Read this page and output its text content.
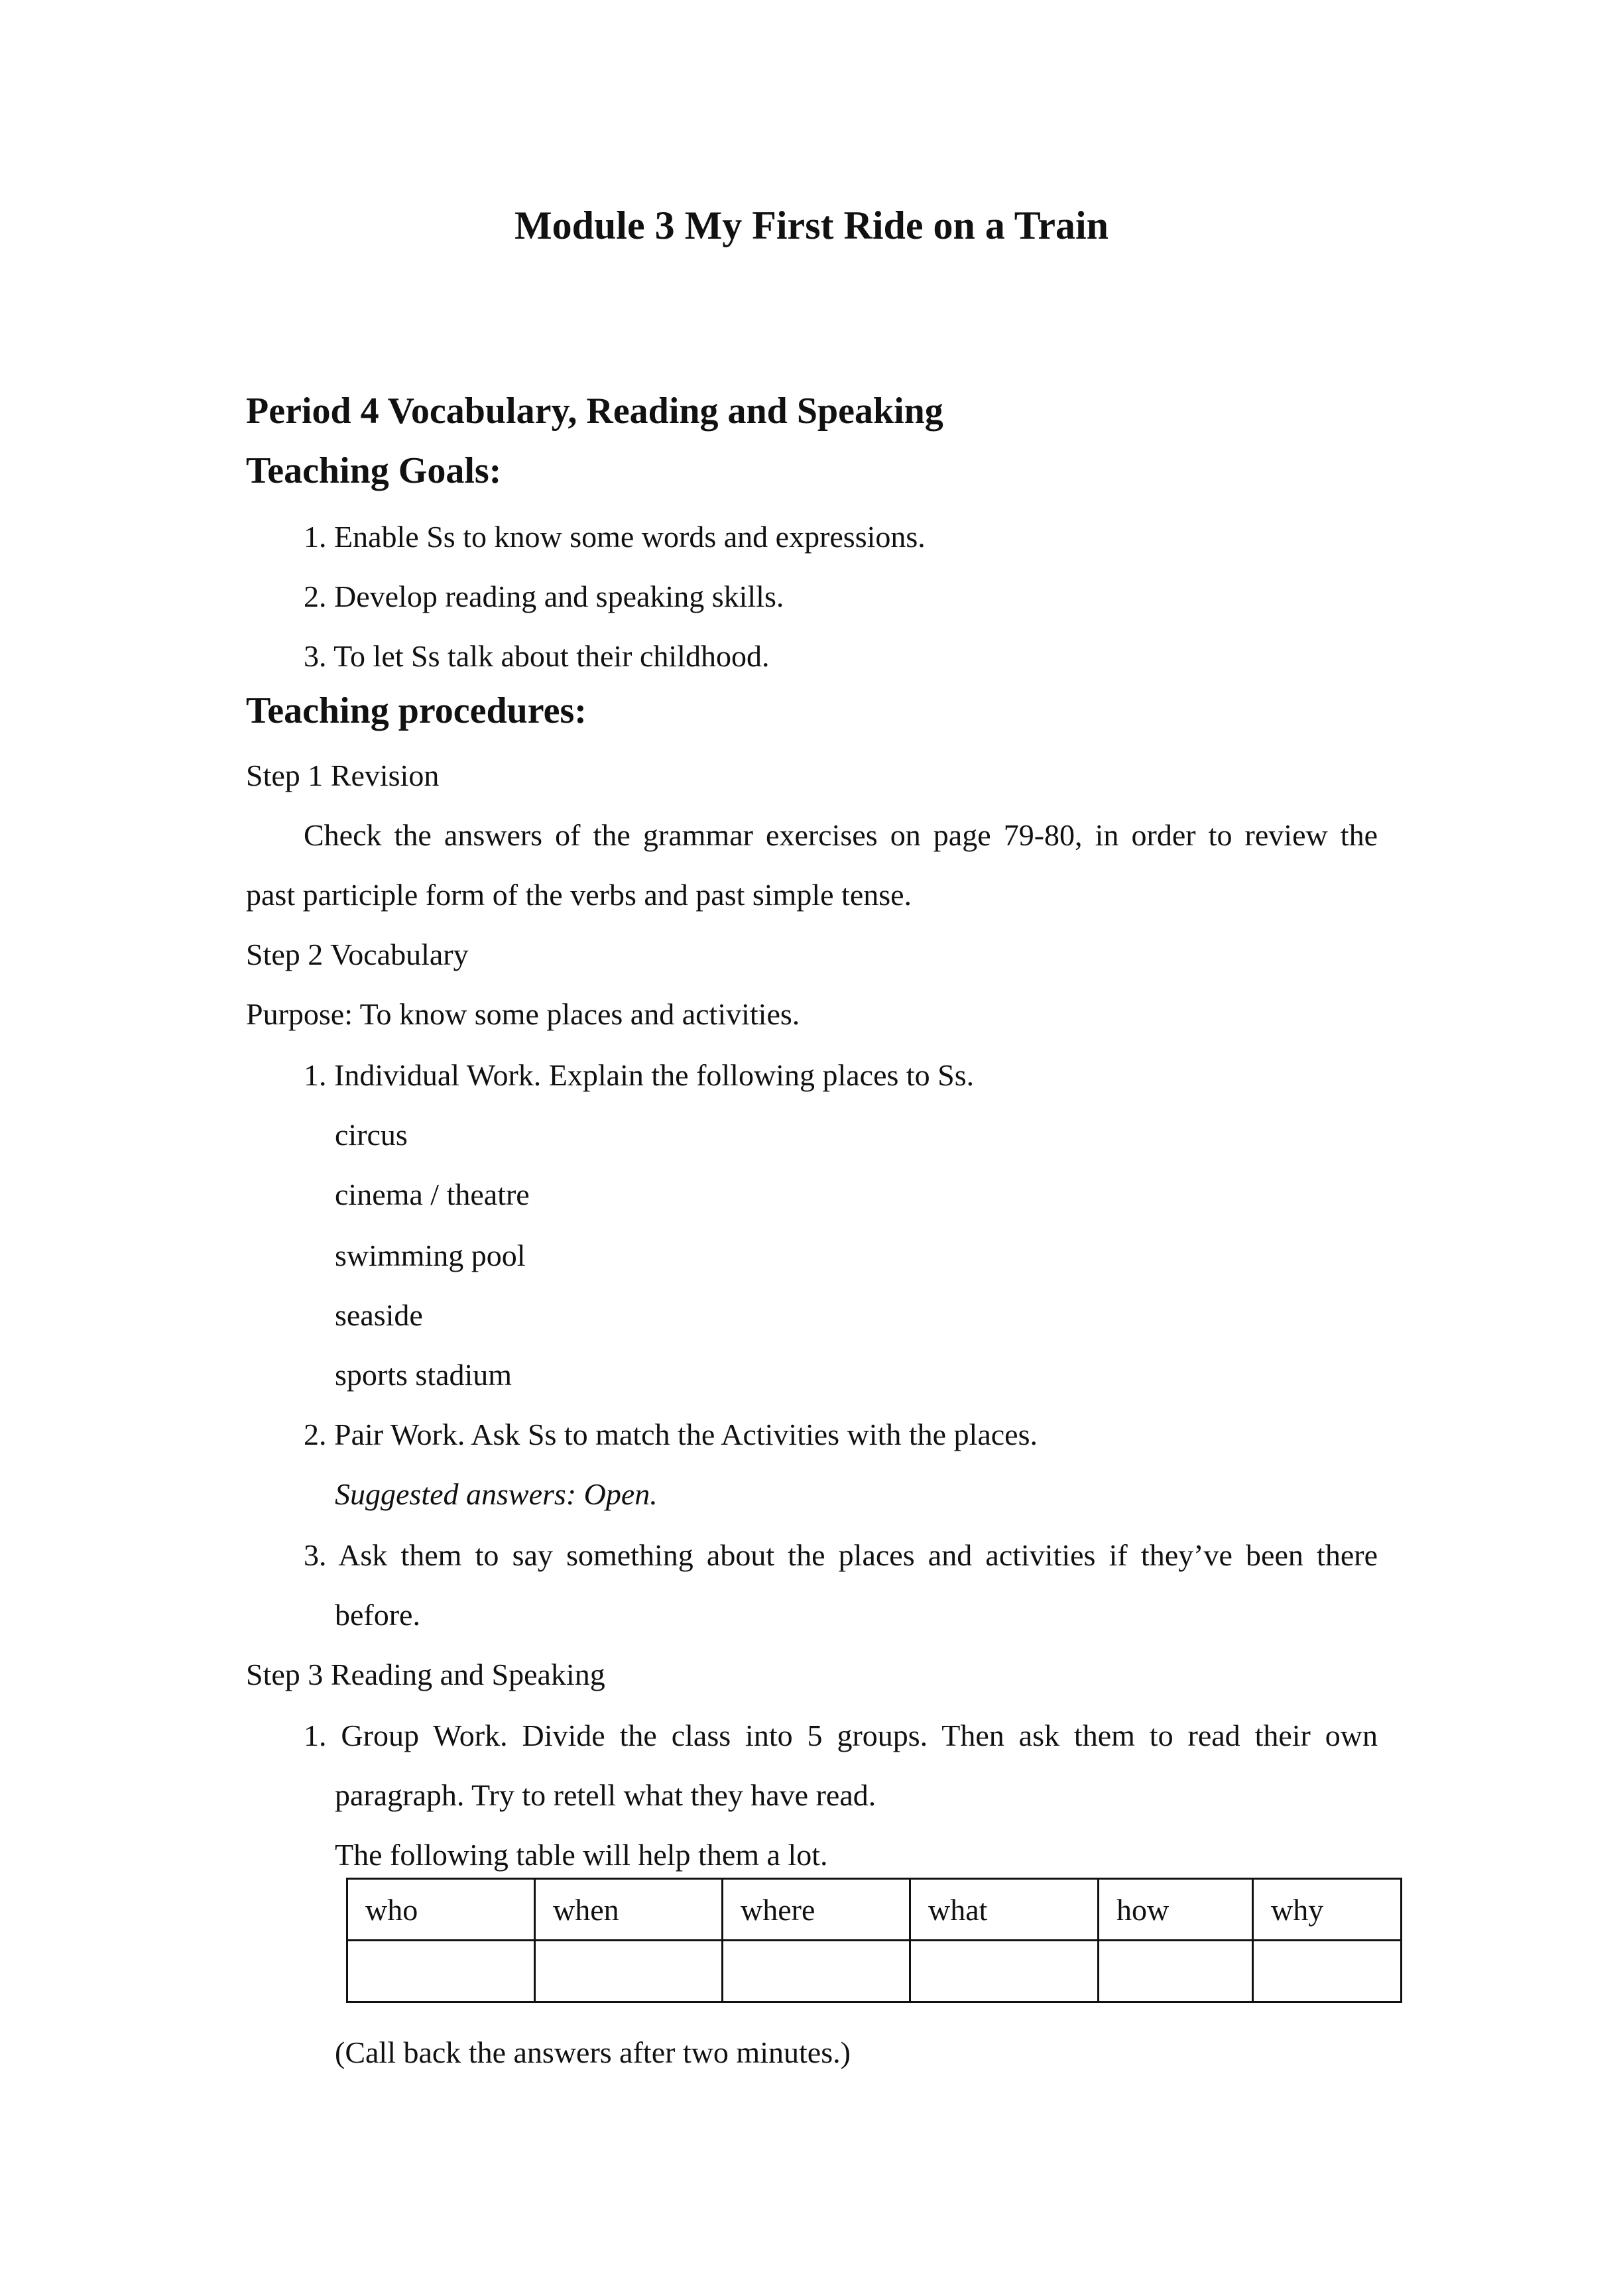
Module 3 My First Ride on a Train
Period 4 Vocabulary, Reading and Speaking
Teaching Goals:
1. Enable Ss to know some words and expressions.
2. Develop reading and speaking skills.
3. To let Ss talk about their childhood.
Teaching procedures:
Step 1 Revision
Check the answers of the grammar exercises on page 79-80, in order to review the
past participle form of the verbs and past simple tense.
Step 2 Vocabulary
Purpose: To know some places and activities.
1. Individual Work. Explain the following places to Ss.
circus
cinema / theatre
swimming pool
seaside
sports stadium
2. Pair Work. Ask Ss to match the Activities with the places.
Suggested answers: Open.
3. Ask them to say something about the places and activities if they’ve been there
before.
Step 3 Reading and Speaking
1. Group Work. Divide the class into 5 groups. Then ask them to read their own
paragraph. Try to retell what they have read.
The following table will help them a lot.
who	when	where	what	how	why

(Call back the answers after two minutes.)
